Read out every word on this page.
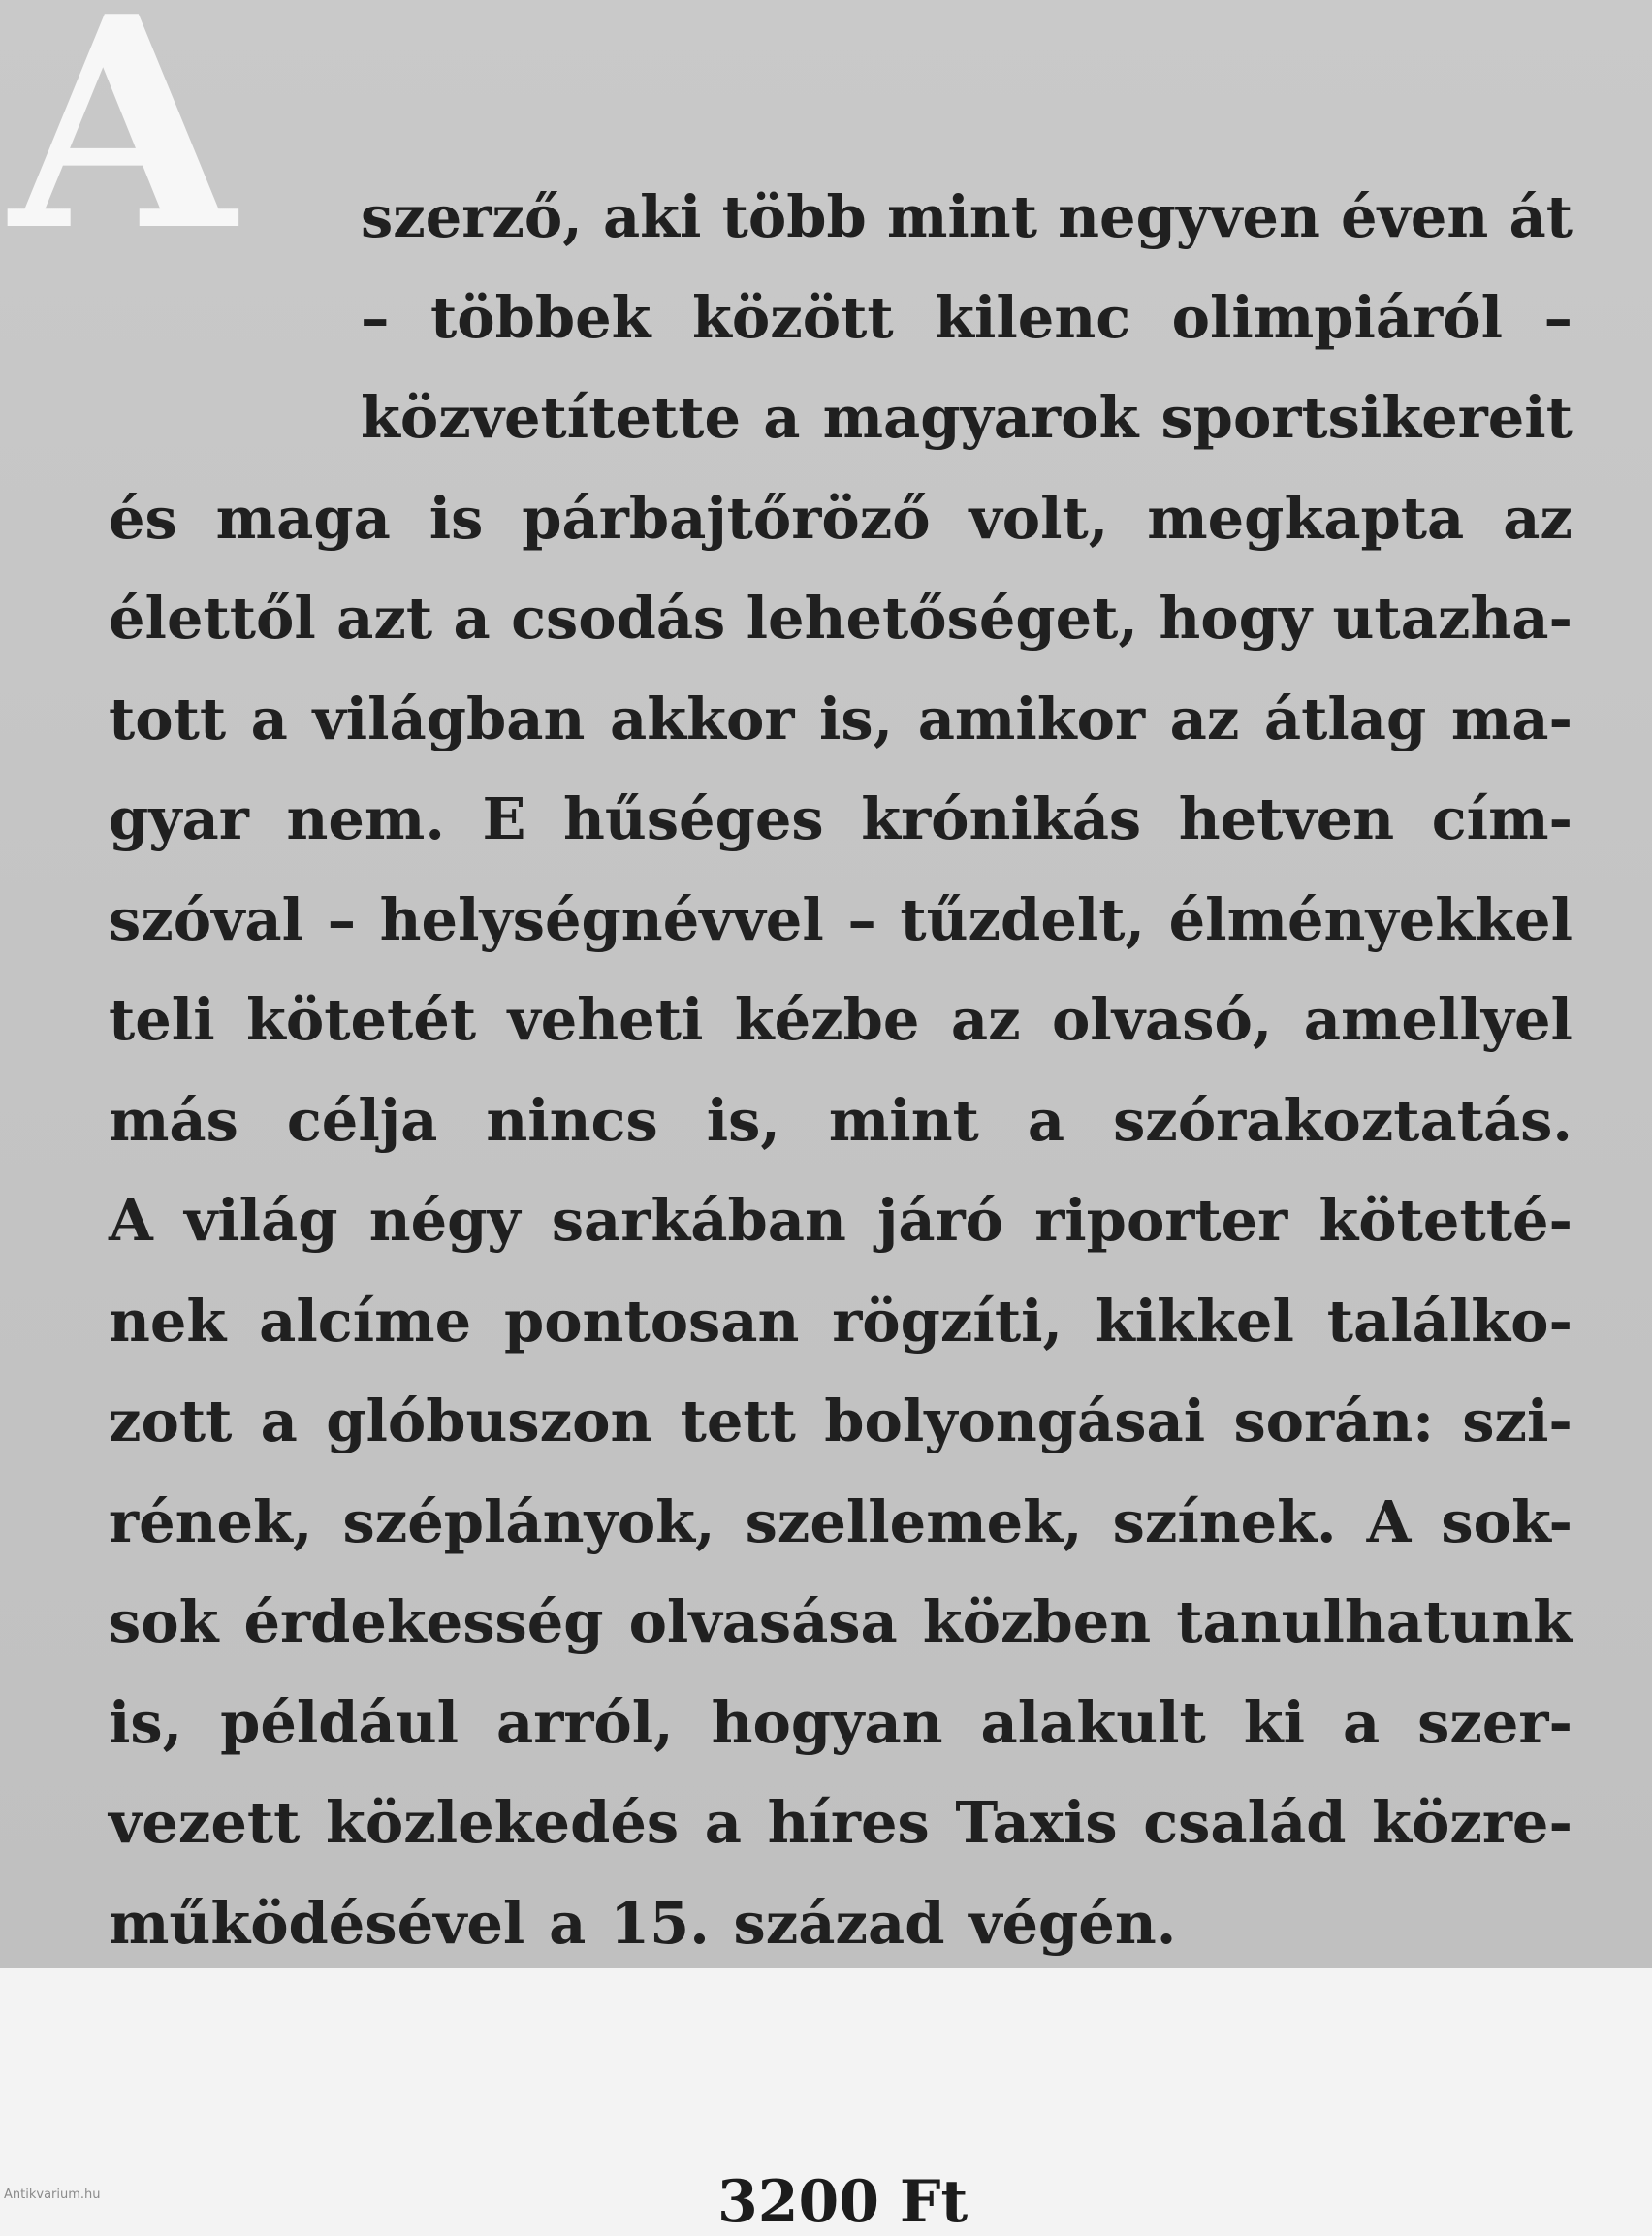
A szerző, aki több mint negyven éven át
– többek között kilenc olimpiáról –
közvetítette a magyarok sportsikereit
és maga is párbajtőröző volt, megkapta az
élettől azt a csodás lehetőséget, hogy utazha-
tott a világban akkor is, amikor az átlag ma-
gyar nem. E hűséges krónikás hetven cím-
szóval – helységnévvel – tűzdelt, élményekkel
teli kötetét veheti kézbe az olvasó, amellyel
más célja nincs is, mint a szórakoztatás.
A világ négy sarkában járó riporter kötetté-
nek alcíme pontosan rögzíti, kikkel találko-
zott a glóbuszon tett bolyongásai során: szi-
rének, széplányok, szellemek, színek. A sok-
sok érdekesség olvasása közben tanulhatunk
is, például arról, hogyan alakult ki a szer-
vezett közlekedés a híres Taxis család közre-
működésével a 15. század végén.
3200 Ft
Antikvarium.hu
